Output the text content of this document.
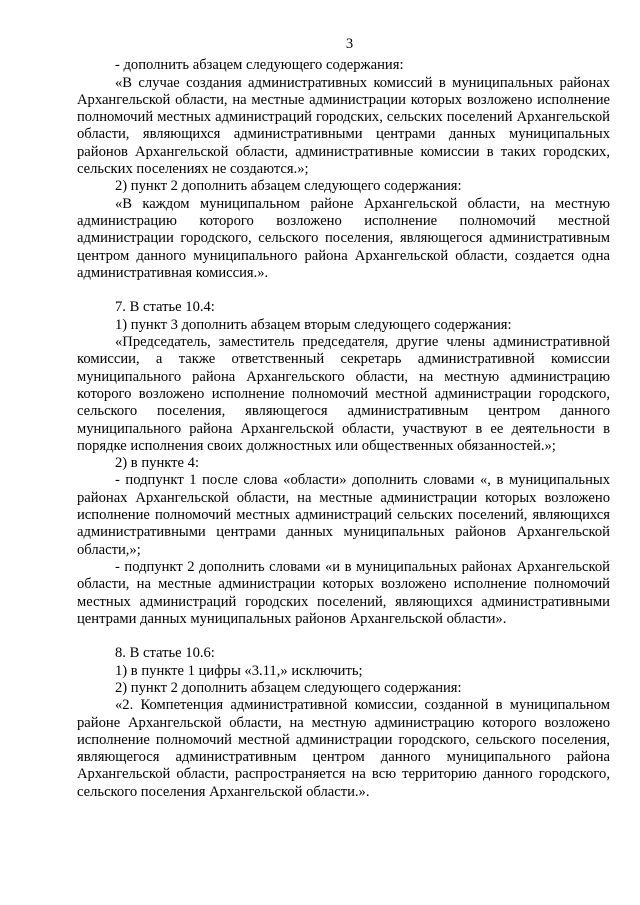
3

- дополнить абзацем следующего содержания:

«В случае создания административных комиссий в муниципальных районах Архангельской области, на местные администрации которых возложено исполнение полномочий местных администраций городских, сельских поселений Архангельской области, являющихся административными центрами данных муниципальных районов Архангельской области, административные комиссии в таких городских, сельских поселениях не создаются.»;

2) пункт 2 дополнить абзацем следующего содержания:

«В каждом муниципальном районе Архангельской области, на местную администрацию которого возложено исполнение полномочий местной администрации городского, сельского поселения, являющегося административным центром данного муниципального района Архангельской области, создается одна административная комиссия.».

7. В статье 10.4:

1) пункт 3 дополнить абзацем вторым следующего содержания:

«Председатель, заместитель председателя, другие члены административной комиссии, а также ответственный секретарь административной комиссии муниципального района Архангельского области, на местную администрацию которого возложено исполнение полномочий местной администрации городского, сельского поселения, являющегося административным центром данного муниципального района Архангельской области, участвуют в ее деятельности в порядке исполнения своих должностных или общественных обязанностей.»;

2) в пункте 4:

- подпункт 1 после слова «области» дополнить словами «, в муниципальных районах Архангельской области, на местные администрации которых возложено исполнение полномочий местных администраций сельских поселений, являющихся административными центрами данных муниципальных районов Архангельской области,»;

- подпункт 2 дополнить словами «и в муниципальных районах Архангельской области, на местные администрации которых возложено исполнение полномочий местных администраций городских поселений, являющихся административными центрами данных муниципальных районов Архангельской области».

8. В статье 10.6:

1) в пункте 1 цифры «3.11,» исключить;

2) пункт 2 дополнить абзацем следующего содержания:

«2. Компетенция административной комиссии, созданной в муниципальном районе Архангельской области, на местную администрацию которого возложено исполнение полномочий местной администрации городского, сельского поселения, являющегося административным центром данного муниципального района Архангельской области, распространяется на всю территорию данного городского, сельского поселения Архангельской области.».
